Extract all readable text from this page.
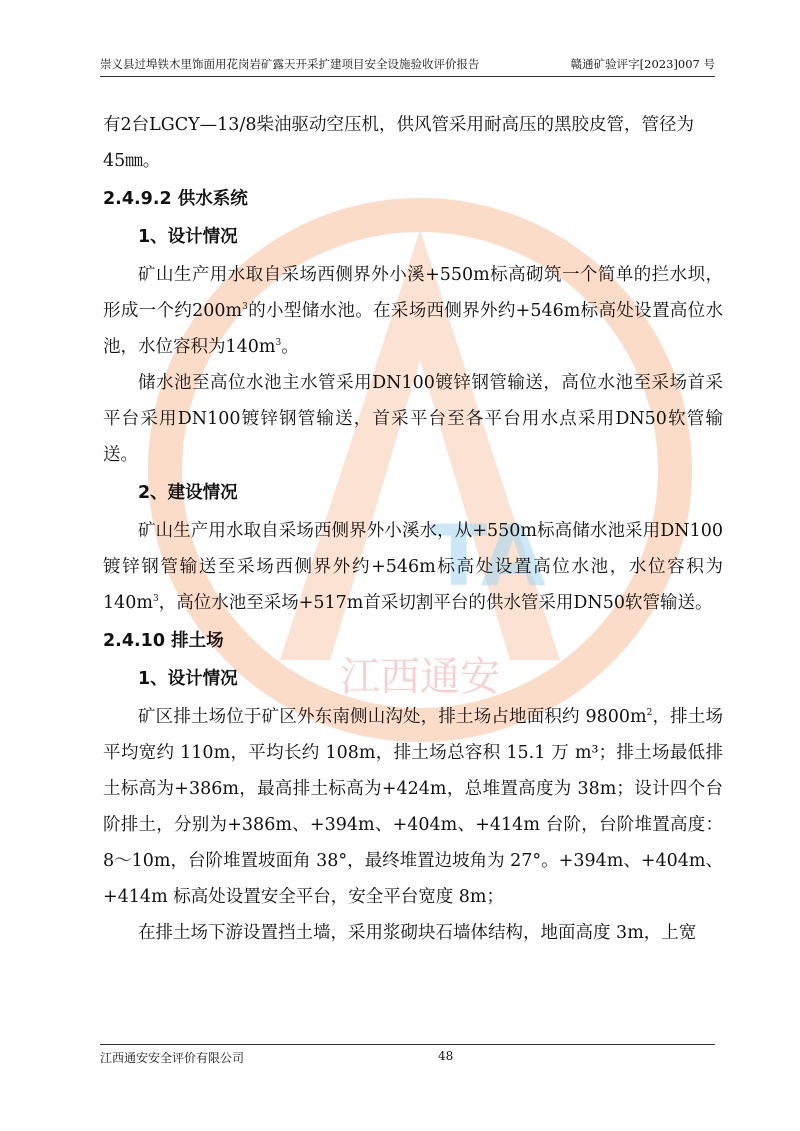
崇义县过埠铁木里饰面用花岗岩矿露天开采扩建项目安全设施验收评价报告	赣通矿验评字[2023]007 号
TA
江西通安

有2台LGCY—13/8柴油驱动空压机，供风管采用耐高压的黑胶皮管，管径为
45㎜。

2.4.9.2 供水系统
1、设计情况

矿山生产用水取自采场西侧界外小溪+550m标高砌筑一个简单的拦水坝，形成一个约$200m^3$的小型储水池。在采场西侧界外约+546m标高处设置高位水池，水位容积为$140m^3$。

储水池至高位水池主水管采用DN100镀锌钢管输送，高位水池至采场首采平台采用DN100镀锌钢管输送，首采平台至各平台用水点采用DN50软管输送。

2、建设情况

矿山生产用水取自采场西侧界外小溪水，从+550m标高储水池采用DN100镀锌钢管输送至采场西侧界外约+546m标高处设置高位水池，水位容积为$140m^3$，高位水池至采场+517m首采切割平台的供水管采用DN50软管输送。

2.4.10 排土场
1、设计情况

矿区排土场位于矿区外东南侧山沟处，排土场占地面积约 $9800m^2$，排土场平均宽约 110m，平均长约 108m，排土场总容积 15.1 万 m³；排土场最低排土标高为+386m，最高排土标高为+424m，总堆置高度为 38m；设计四个台阶排土，分别为+386m、+394m、+404m、+414m 台阶，台阶堆置高度：8～10m，台阶堆置坡面角 38°，最终堆置边坡角为 27°。+394m、+404m、+414m 标高处设置安全平台，安全平台宽度 8m；

在排土场下游设置挡土墙，采用浆砌块石墙体结构，地面高度 3m，上宽

江西通安安全评价有限公司	48
